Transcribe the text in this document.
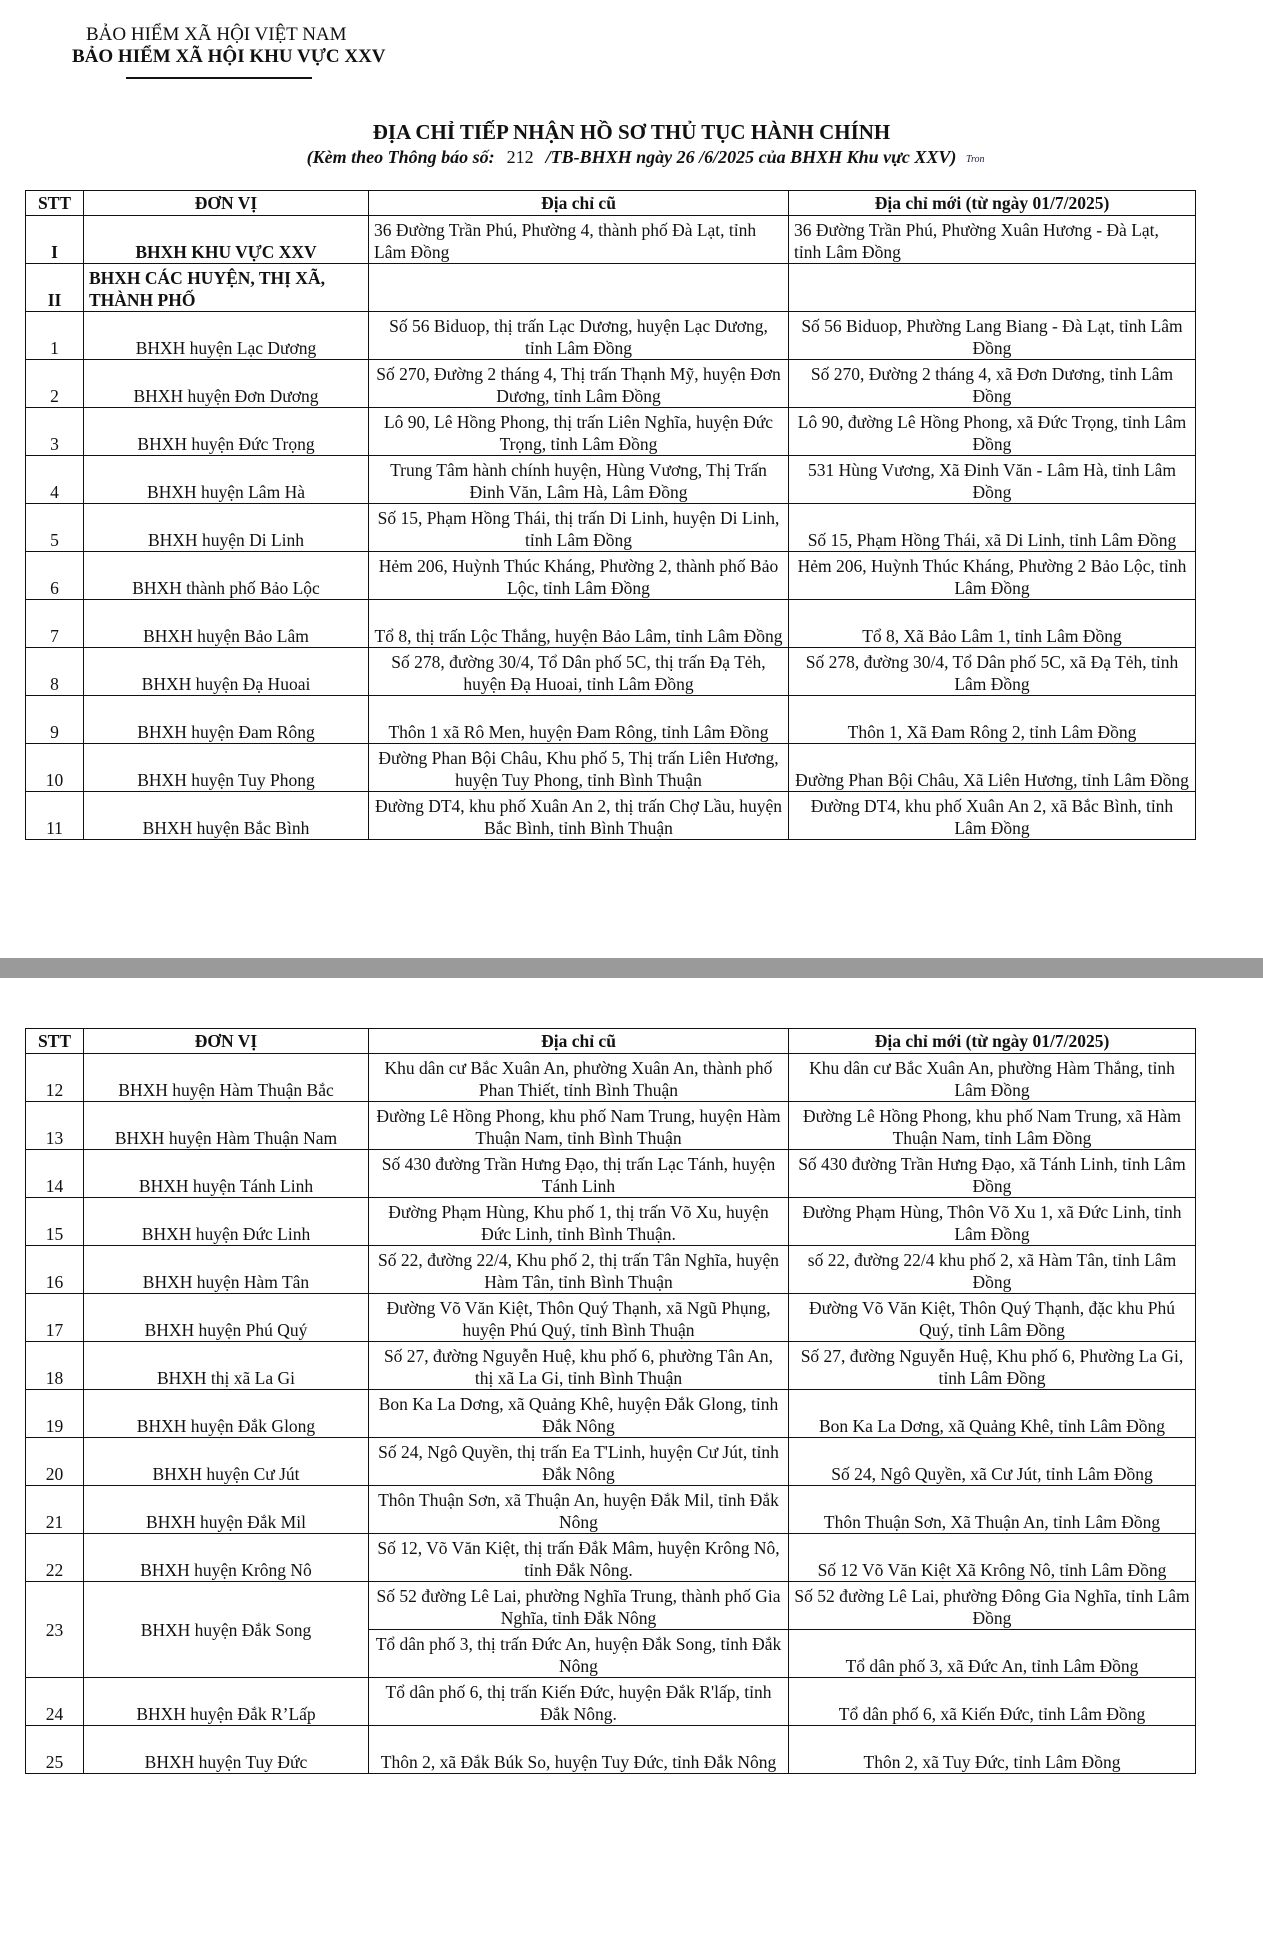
BẢO HIỂM XÃ HỘI VIỆT NAM
BẢO HIỂM XÃ HỘI KHU VỰC XXV
ĐỊA CHỈ TIẾP NHẬN HỒ SƠ THỦ TỤC HÀNH CHÍNH
(Kèm theo Thông báo số: 212 /TB-BHXH ngày 26 /6/2025 của BHXH Khu vực XXV) Tron
STT	ĐƠN VỊ	Địa chỉ cũ	Địa chỉ mới (từ ngày 01/7/2025)
I	BHXH KHU VỰC XXV	36 Đường Trần Phú, Phường 4, thành phố Đà Lạt, tỉnh Lâm Đồng	36 Đường Trần Phú, Phường Xuân Hương - Đà Lạt, tỉnh Lâm Đồng
II	BHXH CÁC HUYỆN, THỊ XÃ, THÀNH PHỐ		
1	BHXH huyện Lạc Dương	Số 56 Biduop, thị trấn Lạc Dương, huyện Lạc Dương, tỉnh Lâm Đồng	Số 56 Biduop, Phường Lang Biang - Đà Lạt, tỉnh Lâm Đồng
2	BHXH huyện Đơn Dương	Số 270, Đường 2 tháng 4, Thị trấn Thạnh Mỹ, huyện Đơn Dương, tỉnh Lâm Đồng	Số 270, Đường 2 tháng 4, xã Đơn Dương, tỉnh Lâm Đồng
3	BHXH huyện Đức Trọng	Lô 90, Lê Hồng Phong, thị trấn Liên Nghĩa, huyện Đức Trọng, tỉnh Lâm Đồng	Lô 90, đường Lê Hồng Phong, xã Đức Trọng, tỉnh Lâm Đồng
4	BHXH huyện Lâm Hà	Trung Tâm hành chính huyện, Hùng Vương, Thị Trấn Đinh Văn, Lâm Hà, Lâm Đồng	531 Hùng Vương, Xã Đinh Văn - Lâm Hà, tỉnh Lâm Đồng
5	BHXH huyện Di Linh	Số 15, Phạm Hồng Thái, thị trấn Di Linh, huyện Di Linh, tỉnh Lâm Đồng	Số 15, Phạm Hồng Thái, xã Di Linh, tỉnh Lâm Đồng
6	BHXH thành phố Bảo Lộc	Hẻm 206, Huỳnh Thúc Kháng, Phường 2, thành phố Bảo Lộc, tỉnh Lâm Đồng	Hẻm 206, Huỳnh Thúc Kháng, Phường 2 Bảo Lộc, tỉnh Lâm Đồng
7	BHXH huyện Bảo Lâm	Tổ 8, thị trấn Lộc Thắng, huyện Bảo Lâm, tỉnh Lâm Đồng	Tổ 8, Xã Bảo Lâm 1, tỉnh Lâm Đồng
8	BHXH huyện Đạ Huoai	Số 278, đường 30/4, Tổ Dân phố 5C, thị trấn Đạ Tẻh, huyện Đạ Huoai, tỉnh Lâm Đồng	Số 278, đường 30/4, Tổ Dân phố 5C, xã Đạ Tẻh, tỉnh Lâm Đồng
9	BHXH huyện Đam Rông	Thôn 1 xã Rô Men, huyện Đam Rông, tỉnh Lâm Đồng	Thôn 1, Xã Đam Rông 2, tỉnh Lâm Đồng
10	BHXH huyện Tuy Phong	Đường Phan Bội Châu, Khu phố 5, Thị trấn Liên Hương, huyện Tuy Phong, tỉnh Bình Thuận	Đường Phan Bội Châu, Xã Liên Hương, tỉnh Lâm Đồng
11	BHXH huyện Bắc Bình	Đường DT4, khu phố Xuân An 2, thị trấn Chợ Lầu, huyện Bắc Bình, tỉnh Bình Thuận	Đường DT4, khu phố Xuân An 2, xã Bắc Bình, tỉnh Lâm Đồng
STT	ĐƠN VỊ	Địa chỉ cũ	Địa chỉ mới (từ ngày 01/7/2025)
12	BHXH huyện Hàm Thuận Bắc	Khu dân cư Bắc Xuân An, phường Xuân An, thành phố Phan Thiết, tỉnh Bình Thuận	Khu dân cư Bắc Xuân An, phường Hàm Thắng, tỉnh Lâm Đồng
13	BHXH huyện Hàm Thuận Nam	Đường Lê Hồng Phong, khu phố Nam Trung, huyện Hàm Thuận Nam, tỉnh Bình Thuận	Đường Lê Hồng Phong, khu phố Nam Trung, xã Hàm Thuận Nam, tỉnh Lâm Đồng
14	BHXH huyện Tánh Linh	Số 430 đường Trần Hưng Đạo, thị trấn Lạc Tánh, huyện Tánh Linh	Số 430 đường Trần Hưng Đạo, xã Tánh Linh, tỉnh Lâm Đồng
15	BHXH huyện Đức Linh	Đường Phạm Hùng, Khu phố 1, thị trấn Võ Xu, huyện Đức Linh, tỉnh Bình Thuận.	Đường Phạm Hùng, Thôn Võ Xu 1, xã Đức Linh, tỉnh Lâm Đồng
16	BHXH huyện Hàm Tân	Số 22, đường 22/4, Khu phố 2, thị trấn Tân Nghĩa, huyện Hàm Tân, tỉnh Bình Thuận	số 22, đường 22/4 khu phố 2, xã Hàm Tân, tỉnh Lâm Đồng
17	BHXH huyện Phú Quý	Đường Võ Văn Kiệt, Thôn Quý Thạnh, xã Ngũ Phụng, huyện Phú Quý, tỉnh Bình Thuận	Đường Võ Văn Kiệt, Thôn Quý Thạnh, đặc khu Phú Quý, tỉnh Lâm Đồng
18	BHXH thị xã La Gi	Số 27, đường Nguyễn Huệ, khu phố 6, phường Tân An, thị xã La Gi, tỉnh Bình Thuận	Số 27, đường Nguyễn Huệ, Khu phố 6, Phường La Gi, tỉnh Lâm Đồng
19	BHXH huyện Đắk Glong	Bon Ka La Dơng, xã Quảng Khê, huyện Đắk Glong, tỉnh Đắk Nông	Bon Ka La Dơng, xã Quảng Khê, tỉnh Lâm Đồng
20	BHXH huyện Cư Jút	Số 24, Ngô Quyền, thị trấn Ea T'Linh, huyện Cư Jút, tỉnh Đắk Nông	Số 24, Ngô Quyền, xã Cư Jút, tỉnh Lâm Đồng
21	BHXH huyện Đắk Mil	Thôn Thuận Sơn, xã Thuận An, huyện Đắk Mil, tỉnh Đắk Nông	Thôn Thuận Sơn, Xã Thuận An, tỉnh Lâm Đồng
22	BHXH huyện Krông Nô	Số 12, Võ Văn Kiệt, thị trấn Đắk Mâm, huyện Krông Nô, tỉnh Đắk Nông.	Số 12 Võ Văn Kiệt Xã Krông Nô, tỉnh Lâm Đồng
23	BHXH huyện Đắk Song	Số 52 đường Lê Lai, phường Nghĩa Trung, thành phố Gia Nghĩa, tỉnh Đắk Nông	Số 52 đường Lê Lai, phường Đông Gia Nghĩa, tỉnh Lâm Đồng
		Tổ dân phố 3, thị trấn Đức An, huyện Đắk Song, tỉnh Đắk Nông	Tổ dân phố 3, xã Đức An, tỉnh Lâm Đồng
24	BHXH huyện Đắk R’Lấp	Tổ dân phố 6, thị trấn Kiến Đức, huyện Đắk R'lấp, tỉnh Đắk Nông.	Tổ dân phố 6, xã Kiến Đức, tỉnh Lâm Đồng
25	BHXH huyện Tuy Đức	Thôn 2, xã Đắk Búk So, huyện Tuy Đức, tỉnh Đắk Nông	Thôn 2, xã Tuy Đức, tỉnh Lâm Đồng
